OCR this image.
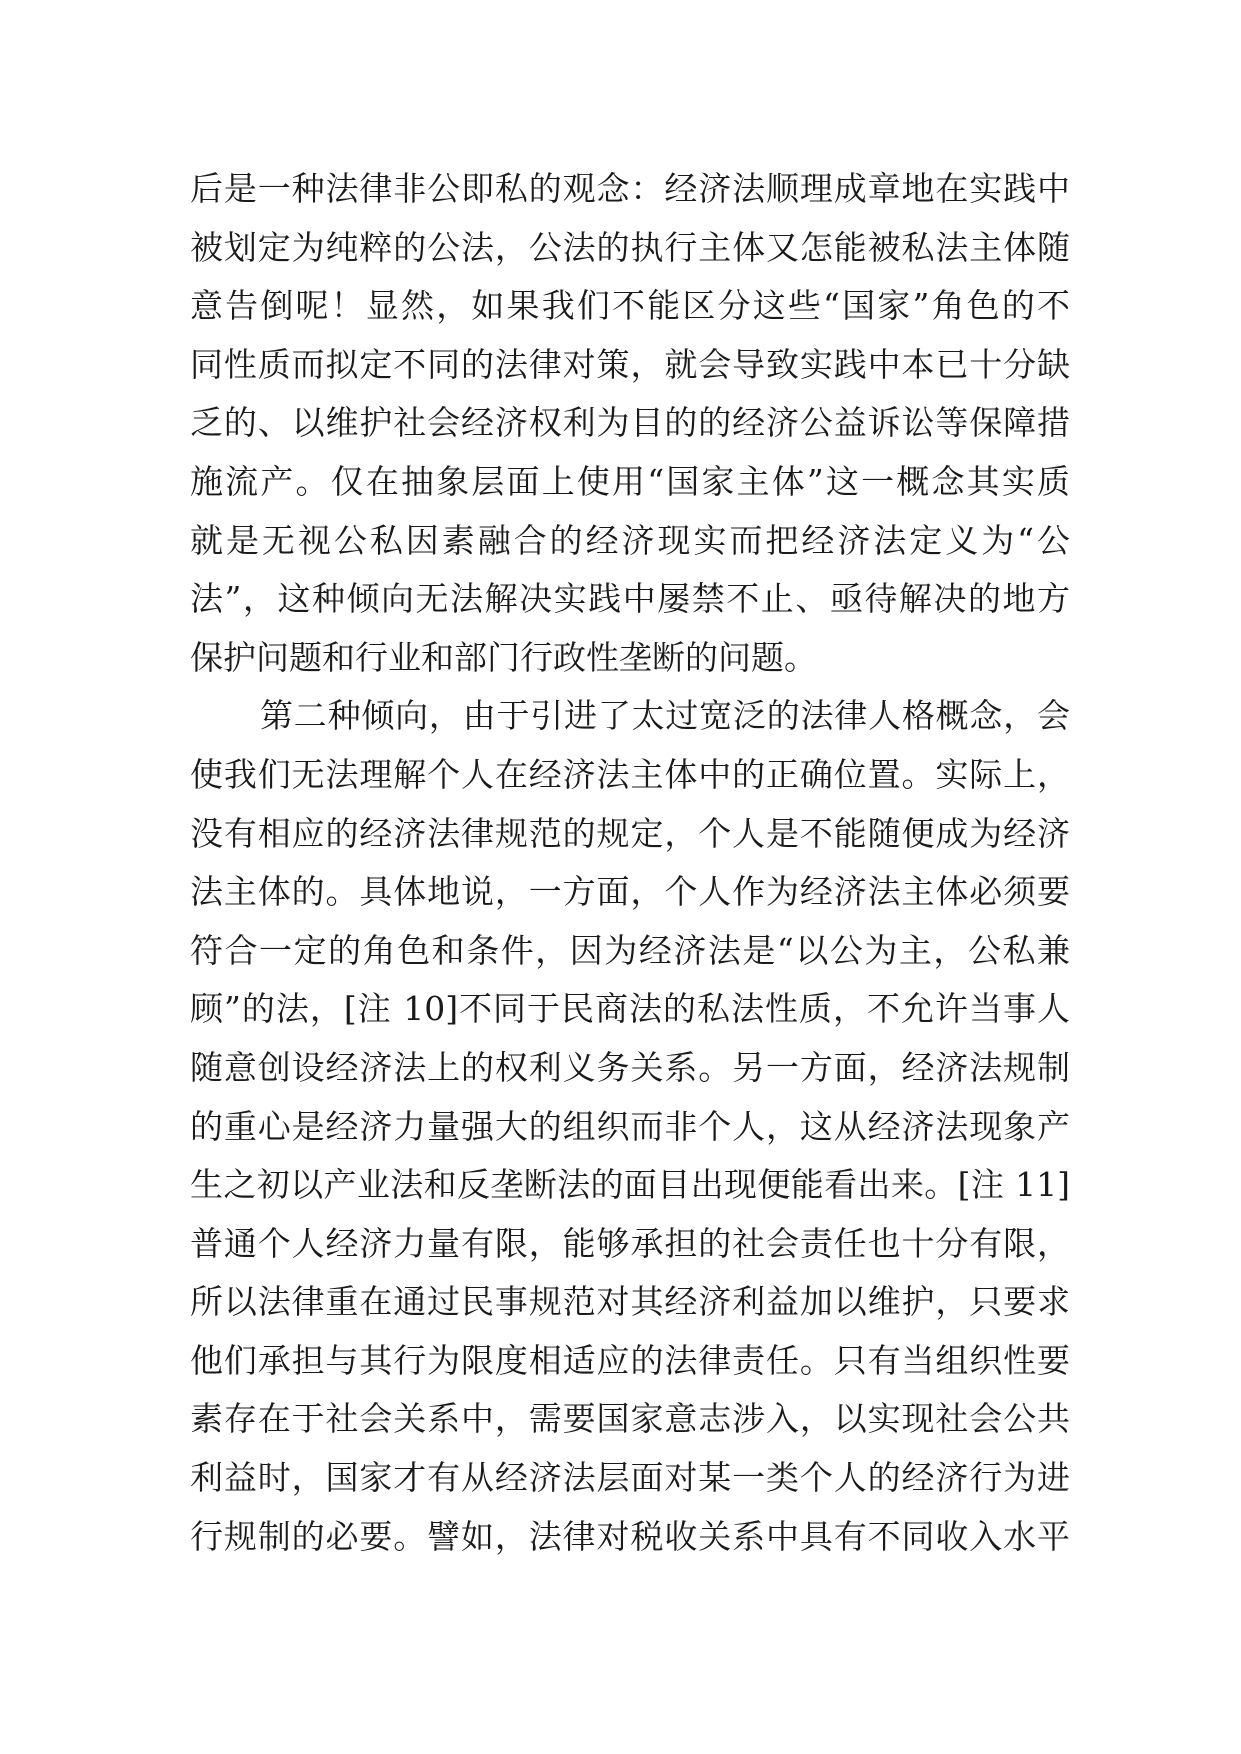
后是一种法律非公即私的观念：经济法顺理成章地在实践中
被划定为纯粹的公法，公法的执行主体又怎能被私法主体随
意告倒呢！显然，如果我们不能区分这些“国家”角色的不
同性质而拟定不同的法律对策，就会导致实践中本已十分缺
乏的、以维护社会经济权利为目的的经济公益诉讼等保障措
施流产。仅在抽象层面上使用“国家主体”这一概念其实质
就是无视公私因素融合的经济现实而把经济法定义为“公
法”，这种倾向无法解决实践中屡禁不止、亟待解决的地方
保护问题和行业和部门行政性垄断的问题。
第二种倾向，由于引进了太过宽泛的法律人格概念，会
使我们无法理解个人在经济法主体中的正确位置。实际上，
没有相应的经济法律规范的规定，个人是不能随便成为经济
法主体的。具体地说，一方面，个人作为经济法主体必须要
符合一定的角色和条件，因为经济法是“以公为主，公私兼
顾”的法，[注 10]不同于民商法的私法性质，不允许当事人
随意创设经济法上的权利义务关系。另一方面，经济法规制
的重心是经济力量强大的组织而非个人，这从经济法现象产
生之初以产业法和反垄断法的面目出现便能看出来。[注 11]
普通个人经济力量有限，能够承担的社会责任也十分有限，
所以法律重在通过民事规范对其经济利益加以维护，只要求
他们承担与其行为限度相适应的法律责任。只有当组织性要
素存在于社会关系中，需要国家意志涉入，以实现社会公共
利益时，国家才有从经济法层面对某一类个人的经济行为进
行规制的必要。譬如，法律对税收关系中具有不同收入水平
